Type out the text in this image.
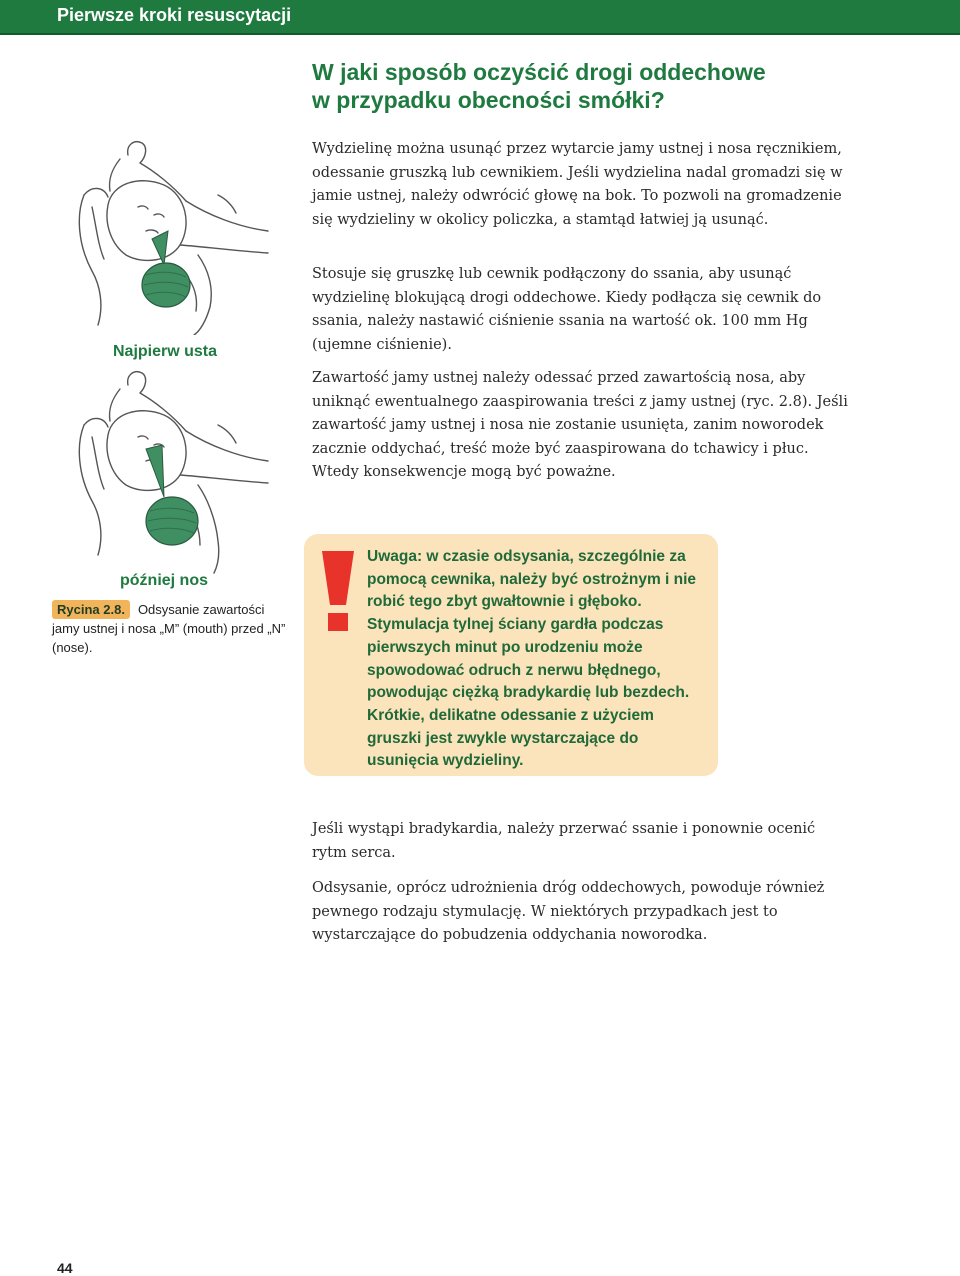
Pierwsze kroki resuscytacji
W jaki sposób oczyścić drogi oddechowe
w przypadku obecności smółki?
Wydzielinę można usunąć przez wytarcie jamy ustnej i nosa ręcznikiem, odessanie gruszką lub cewnikiem. Jeśli wydzielina nadal gromadzi się w jamie ustnej, należy odwrócić głowę na bok. To pozwoli na gromadzenie się wydzieliny w okolicy policzka, a stamtąd łatwiej ją usunąć.
Stosuje się gruszkę lub cewnik podłączony do ssania, aby usunąć wydzielinę blokującą drogi oddechowe. Kiedy podłącza się cewnik do ssania, należy nastawić ciśnienie ssania na wartość ok. 100 mm Hg (ujemne ciśnienie).
Zawartość jamy ustnej należy odessać przed zawartością nosa, aby uniknąć ewentualnego zaaspirowania treści z jamy ustnej (ryc. 2.8). Jeśli zawartość jamy ustnej i nosa nie zostanie usunięta, zanim noworodek zacznie oddychać, treść może być zaaspirowana do tchawicy i płuc. Wtedy konsekwencje mogą być poważne.
Jeśli wystąpi bradykardia, należy przerwać ssanie i ponownie ocenić rytm serca.
Odsysanie, oprócz udrożnienia dróg oddechowych, powoduje również pewnego rodzaju stymulację. W niektórych przypadkach jest to wystarczające do pobudzenia oddychania noworodka.
Najpierw usta
później nos
Rycina 2.8. Odsysanie zawartości jamy ustnej i nosa „M” (mouth) przed „N” (nose).
Uwaga: w czasie odsysania, szczególnie za pomocą cewnika, należy być ostrożnym i nie robić tego zbyt gwałtownie i głęboko. Stymulacja tylnej ściany gardła podczas pierwszych minut po urodzeniu może spowodować odruch z nerwu błędnego, powodując ciężką bradykardię lub bezdech. Krótkie, delikatne odessanie z użyciem gruszki jest zwykle wystarczające do usunięcia wydzieliny.
44
